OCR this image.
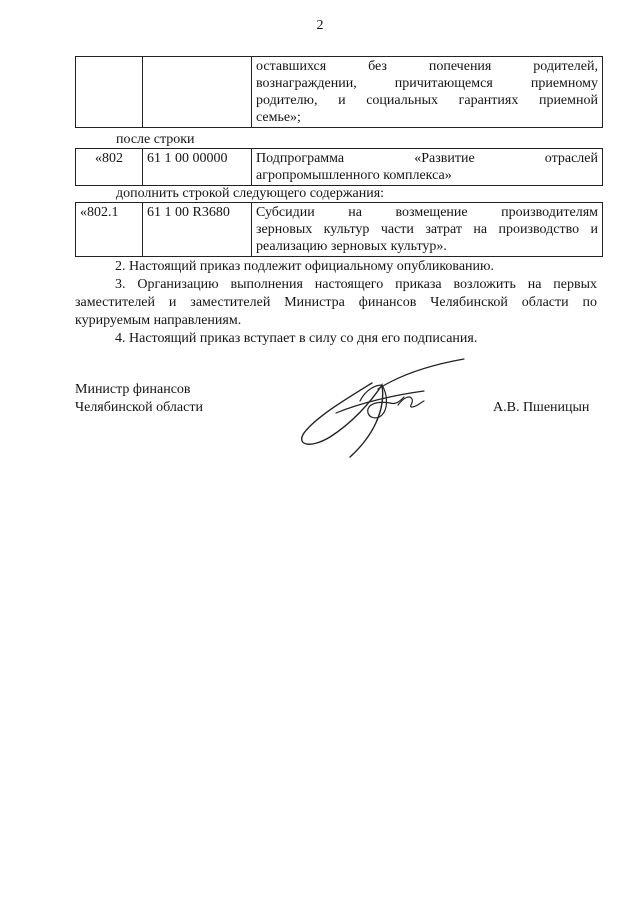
2

оставшихся без попечения родителей,
вознаграждении, причитающемся приемному
родителю, и социальных гарантиях приемной
семье»;
после строки
«802	61 1 00 00000	Подпрограмма «Развитие отраслей
агропромышленного комплекса»
дополнить строкой следующего содержания:
«802.1	61 1 00 R3680	Субсидии на возмещение производителям
зерновых культур части затрат на производство и
реализацию зерновых культур».

2. Настоящий приказ подлежит официальному опубликованию.

3. Организацию выполнения настоящего приказа возложить на первых заместителей и заместителей Министра финансов Челябинской области по курируемым направлениям.

4. Настоящий приказ вступает в силу со дня его подписания.

Министр финансов
Челябинской области	А.В. Пшеницын
